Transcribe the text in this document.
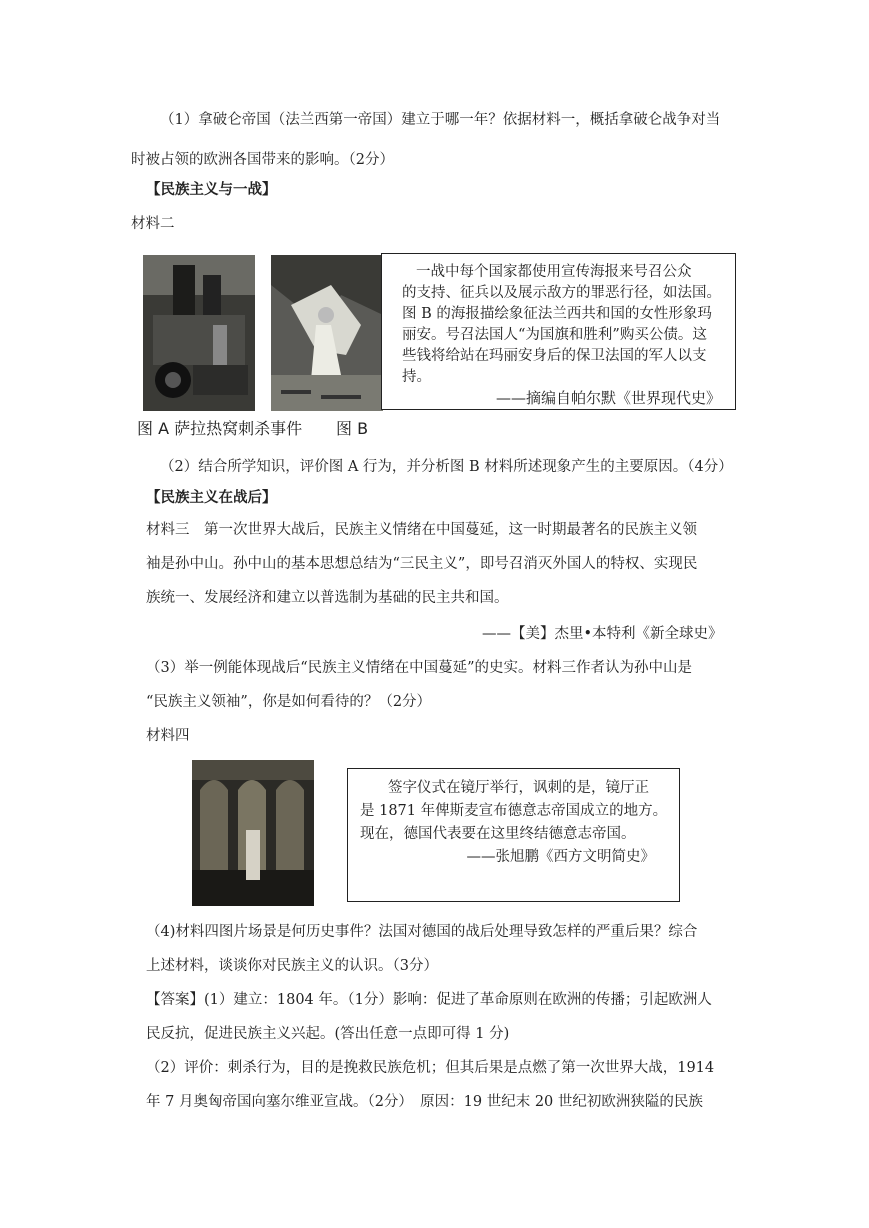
（1）拿破仑帝国（法兰西第一帝国）建立于哪一年？依据材料一，概括拿破仑战争对当
时被占领的欧洲各国带来的影响。（2分）
【民族主义与一战】
材料二
一战中每个国家都使用宣传海报来号召公众
的支持、征兵以及展示敌方的罪恶行径，如法国。
图 B 的海报描绘象征法兰西共和国的女性形象玛
丽安。号召法国人“为国旗和胜利”购买公债。这
些钱将给站在玛丽安身后的保卫法国的军人以支
持。
——摘编自帕尔默《世界现代史》
图 A 萨拉热窝刺杀事件 图 B
（2）结合所学知识，评价图 A 行为，并分析图 B 材料所述现象产生的主要原因。（4分）
【民族主义在战后】
材料三　第一次世界大战后，民族主义情绪在中国蔓延，这一时期最著名的民族主义领
袖是孙中山。孙中山的基本思想总结为“三民主义”，即号召消灭外国人的特权、实现民
族统一、发展经济和建立以普选制为基础的民主共和国。
——【美】杰里•本特利《新全球史》
（3）举一例能体现战后“民族主义情绪在中国蔓延”的史实。材料三作者认为孙中山是
“民族主义领袖”，你是如何看待的？（2分）
材料四
签字仪式在镜厅举行，讽刺的是，镜厅正
是 1871 年俾斯麦宣布德意志帝国成立的地方。
现在，德国代表要在这里终结德意志帝国。
——张旭鹏《西方文明简史》
（4)材料四图片场景是何历史事件？法国对德国的战后处理导致怎样的严重后果？综合
上述材料，谈谈你对民族主义的认识。（3分）
【答案】(1）建立：1804 年。（1分）影响：促进了革命原则在欧洲的传播；引起欧洲人
民反抗，促进民族主义兴起。(答出任意一点即可得 1 分)
（2）评价：刺杀行为，目的是挽救民族危机；但其后果是点燃了第一次世界大战，1914
年 7 月奥匈帝国向塞尔维亚宣战。（2分）　原因：19 世纪末 20 世纪初欧洲狭隘的民族
